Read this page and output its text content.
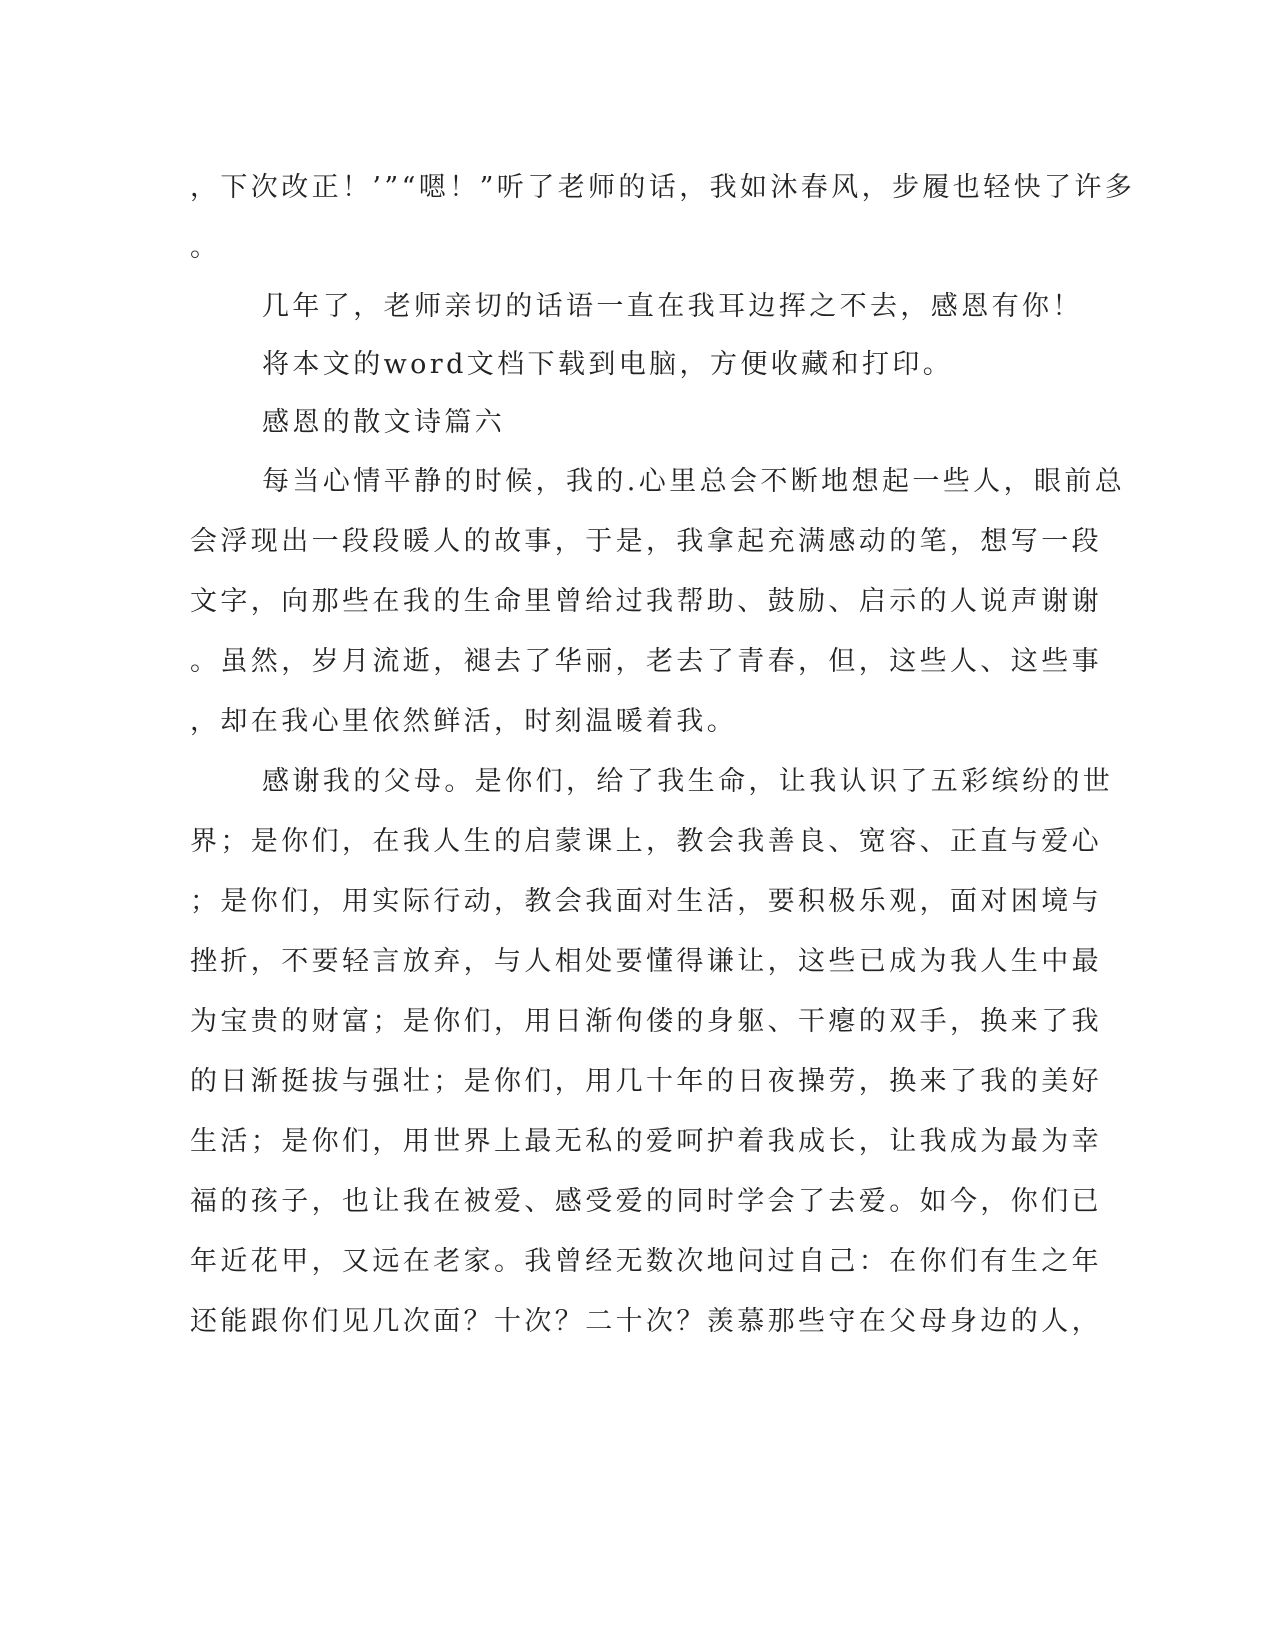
，下次改正！’”“嗯！”听了老师的话，我如沐春风，步履也轻快了许多
。
几年了，老师亲切的话语一直在我耳边挥之不去，感恩有你！
将本文的word文档下载到电脑，方便收藏和打印。
感恩的散文诗篇六
每当心情平静的时候，我的.心里总会不断地想起一些人，眼前总
会浮现出一段段暖人的故事，于是，我拿起充满感动的笔，想写一段
文字，向那些在我的生命里曾给过我帮助、鼓励、启示的人说声谢谢
。虽然，岁月流逝，褪去了华丽，老去了青春，但，这些人、这些事
，却在我心里依然鲜活，时刻温暖着我。
感谢我的父母。是你们，给了我生命，让我认识了五彩缤纷的世
界；是你们，在我人生的启蒙课上，教会我善良、宽容、正直与爱心
；是你们，用实际行动，教会我面对生活，要积极乐观，面对困境与
挫折，不要轻言放弃，与人相处要懂得谦让，这些已成为我人生中最
为宝贵的财富；是你们，用日渐佝偻的身躯、干瘪的双手，换来了我
的日渐挺拔与强壮；是你们，用几十年的日夜操劳，换来了我的美好
生活；是你们，用世界上最无私的爱呵护着我成长，让我成为最为幸
福的孩子，也让我在被爱、感受爱的同时学会了去爱。如今，你们已
年近花甲，又远在老家。我曾经无数次地问过自己：在你们有生之年
还能跟你们见几次面？十次？二十次？羡慕那些守在父母身边的人，
